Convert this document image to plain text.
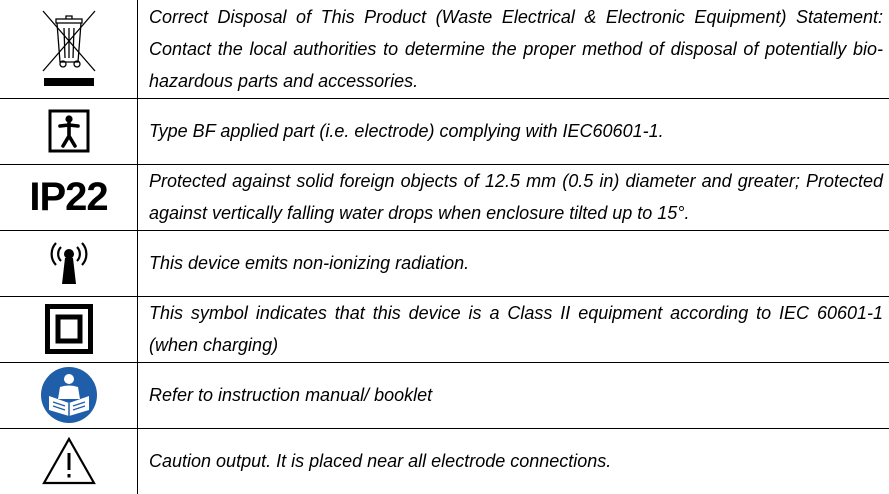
	Correct Disposal of This Product (Waste Electrical & Electronic Equipment) Statement: Contact the local authorities to determine the proper method of disposal of potentially bio-hazardous parts and accessories.

	Type BF applied part (i.e. electrode) complying with IEC60601-1.
IP22	Protected against solid foreign objects of 12.5 mm (0.5 in) diameter and greater; Protected against vertically falling water drops when enclosure tilted up to 15°.

	This device emits non-ionizing radiation.

	This symbol indicates that this device is a Class II equipment according to IEC 60601-1 (when charging)

	Refer to instruction manual/ booklet

	Caution output. It is placed near all electrode connections.
